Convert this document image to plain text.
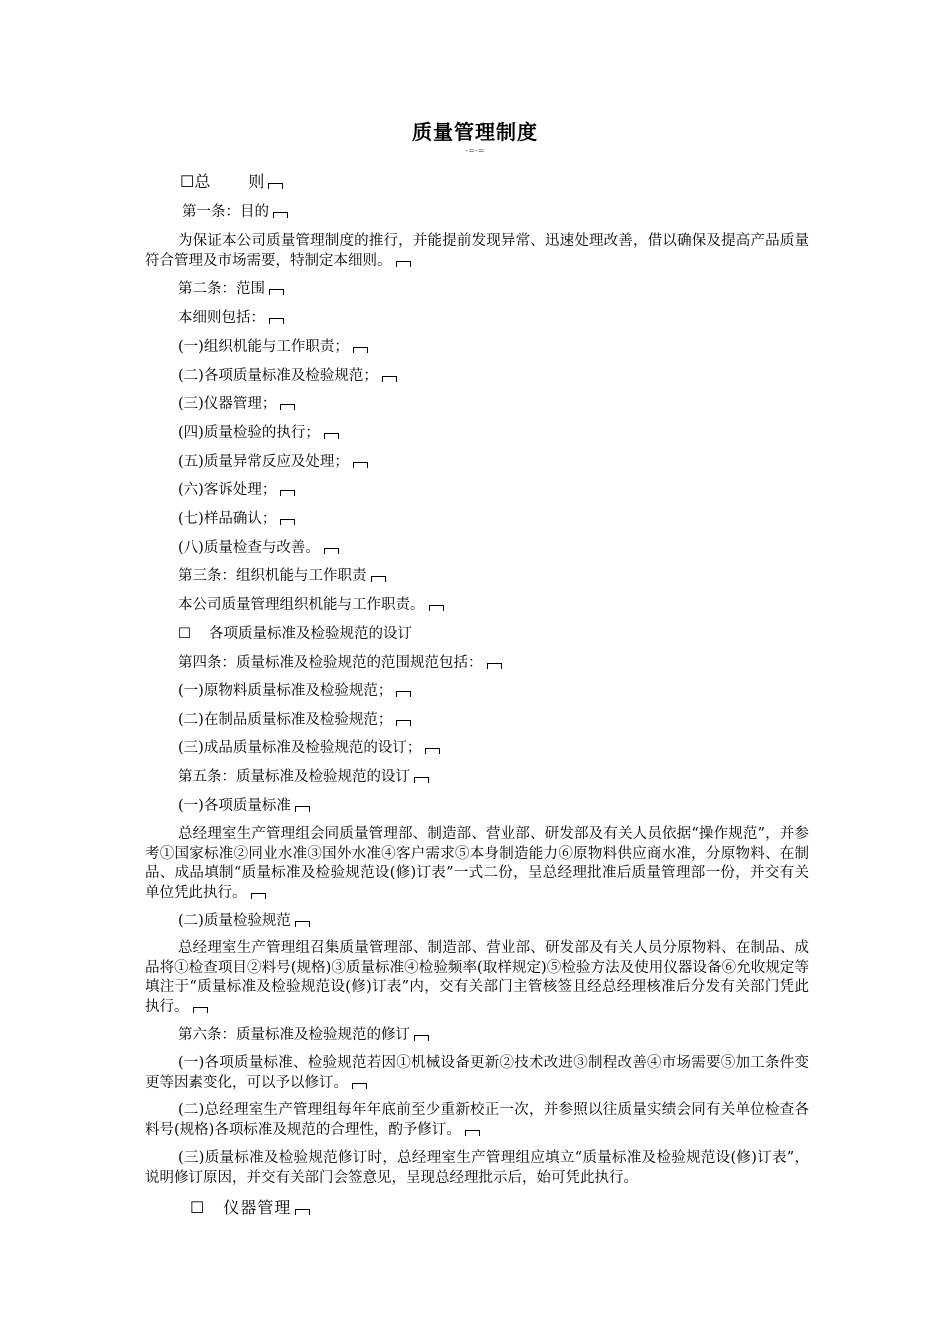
质量管理制度
-=-=
☐总 则
第一条：目的
为保证本公司质量管理制度的推行，并能提前发现异常、迅速处理改善，借以确保及提高产品质量符合管理及市场需要，特制定本细则。
第二条：范围
本细则包括：
(一)组织机能与工作职责；
(二)各项质量标准及检验规范；
(三)仪器管理；
(四)质量检验的执行；
(五)质量异常反应及处理；
(六)客诉处理；
(七)样品确认；
(八)质量检查与改善。
第三条：组织机能与工作职责
本公司质量管理组织机能与工作职责。
☐ 各项质量标准及检验规范的设订
第四条：质量标准及检验规范的范围规范包括：
(一)原物料质量标准及检验规范；
(二)在制品质量标准及检验规范；
(三)成品质量标准及检验规范的设订；
第五条：质量标准及检验规范的设订
(一)各项质量标准
总经理室生产管理组会同质量管理部、制造部、营业部、研发部及有关人员依据“操作规范”，并参考①国家标准②同业水准③国外水准④客户需求⑤本身制造能力⑥原物料供应商水准，分原物料、在制品、成品填制“质量标准及检验规范设(修)订表”一式二份，呈总经理批准后质量管理部一份，并交有关单位凭此执行。
(二)质量检验规范
总经理室生产管理组召集质量管理部、制造部、营业部、研发部及有关人员分原物料、在制品、成品将①检查项目②料号(规格)③质量标准④检验频率(取样规定)⑤检验方法及使用仪器设备⑥允收规定等填注于“质量标准及检验规范设(修)订表”内，交有关部门主管核签且经总经理核准后分发有关部门凭此执行。
第六条：质量标准及检验规范的修订
(一)各项质量标准、检验规范若因①机械设备更新②技术改进③制程改善④市场需要⑤加工条件变更等因素变化，可以予以修订。
(二)总经理室生产管理组每年年底前至少重新校正一次，并参照以往质量实绩会同有关单位检查各料号(规格)各项标准及规范的合理性，酌予修订。
(三)质量标准及检验规范修订时，总经理室生产管理组应填立“质量标准及检验规范设(修)订表”，说明修订原因，并交有关部门会签意见，呈现总经理批示后，始可凭此执行。
☐ 仪器管理
